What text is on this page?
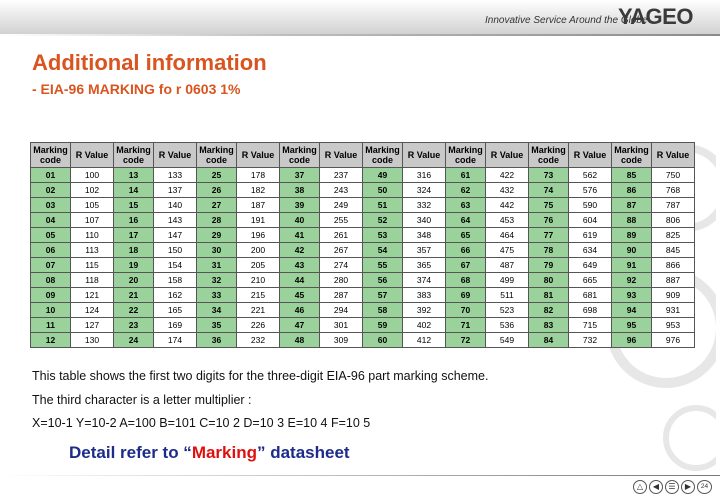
Innovative Service Around the Globe
YAGEO
Additional information
- EIA-96 MARKING fo r 0603 1%
Marking code	R Value	Marking code	R Value	Marking code	R Value	Marking code	R Value	Marking code	R Value	Marking code	R Value	Marking code	R Value	Marking code	R Value
01	100	13	133	25	178	37	237	49	316	61	422	73	562	85	750
02	102	14	137	26	182	38	243	50	324	62	432	74	576	86	768
03	105	15	140	27	187	39	249	51	332	63	442	75	590	87	787
04	107	16	143	28	191	40	255	52	340	64	453	76	604	88	806
05	110	17	147	29	196	41	261	53	348	65	464	77	619	89	825
06	113	18	150	30	200	42	267	54	357	66	475	78	634	90	845
07	115	19	154	31	205	43	274	55	365	67	487	79	649	91	866
08	118	20	158	32	210	44	280	56	374	68	499	80	665	92	887
09	121	21	162	33	215	45	287	57	383	69	511	81	681	93	909
10	124	22	165	34	221	46	294	58	392	70	523	82	698	94	931
11	127	23	169	35	226	47	301	59	402	71	536	83	715	95	953
12	130	24	174	36	232	48	309	60	412	72	549	84	732	96	976
This table shows the first two digits for the three-digit EIA-96 part marking scheme.
The third character is a letter multiplier :
X=10-1 Y=10-2 A=100 B=101 C=10 2 D=10 3 E=10 4 F=10 5
Detail refer to “Marking” datasheet
△ ◀ ☰ ▶ 24
